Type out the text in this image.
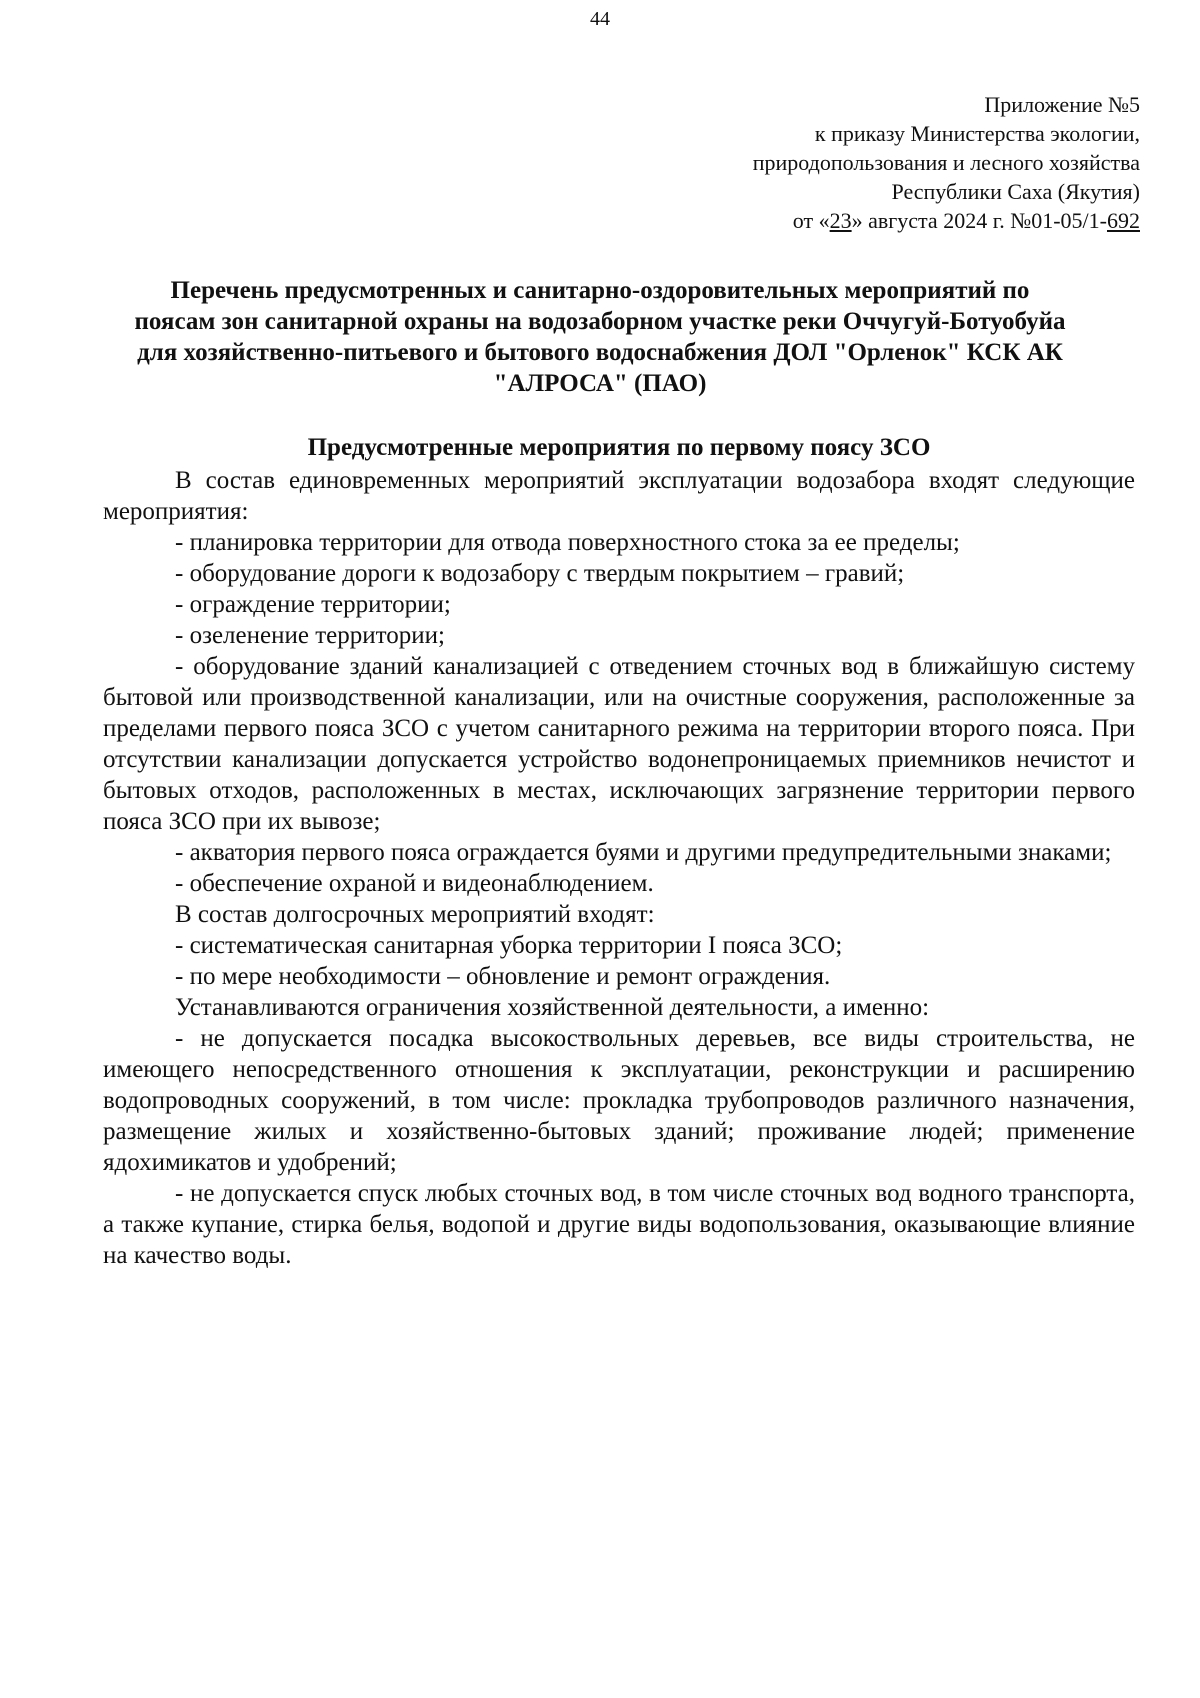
44
Приложение №5
к приказу Министерства экологии,
природопользования и лесного хозяйства
Республики Саха (Якутия)
от «23» августа 2024 г. №01-05/1-692
Перечень предусмотренных и санитарно-оздоровительных мероприятий по поясам зон санитарной охраны на водозаборном участке реки Оччугуй-Ботуобуйа для хозяйственно-питьевого и бытового водоснабжения ДОЛ "Орленок" КСК АК "АЛРОСА" (ПАО)
Предусмотренные мероприятия по первому поясу ЗСО

В состав единовременных мероприятий эксплуатации водозабора входят следующие мероприятия:

- планировка территории для отвода поверхностного стока за ее пределы;

- оборудование дороги к водозабору с твердым покрытием – гравий;

- ограждение территории;

- озеленение территории;

- оборудование зданий канализацией с отведением сточных вод в ближайшую систему бытовой или производственной канализации, или на очистные сооружения, расположенные за пределами первого пояса ЗСО с учетом санитарного режима на территории второго пояса. При отсутствии канализации допускается устройство водонепроницаемых приемников нечистот и бытовых отходов, расположенных в местах, исключающих загрязнение территории первого пояса ЗСО при их вывозе;

- акватория первого пояса ограждается буями и другими предупредительными знаками;

- обеспечение охраной и видеонаблюдением.

В состав долгосрочных мероприятий входят:

- систематическая санитарная уборка территории I пояса ЗСО;

- по мере необходимости – обновление и ремонт ограждения.

Устанавливаются ограничения хозяйственной деятельности, а именно:

- не допускается посадка высокоствольных деревьев, все виды строительства, не имеющего непосредственного отношения к эксплуатации, реконструкции и расширению водопроводных сооружений, в том числе: прокладка трубопроводов различного назначения, размещение жилых и хозяйственно-бытовых зданий; проживание людей; применение ядохимикатов и удобрений;

- не допускается спуск любых сточных вод, в том числе сточных вод водного транспорта, а также купание, стирка белья, водопой и другие виды водопользования, оказывающие влияние на качество воды.
